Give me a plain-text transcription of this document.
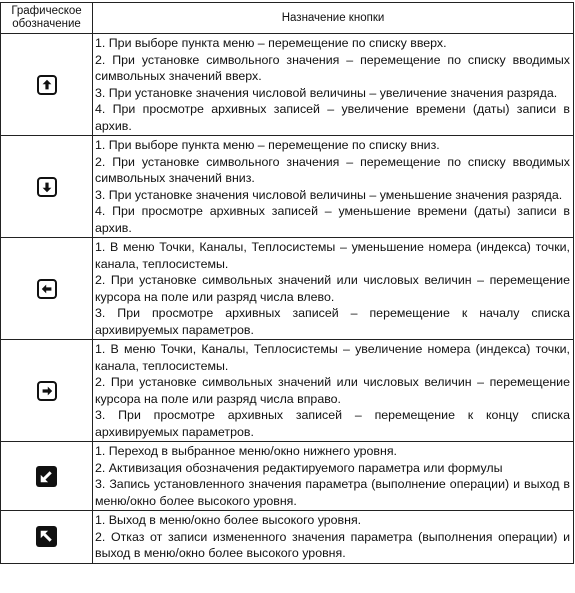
Графическое обозначение	Назначение кнопки

1. При выборе пункта меню – перемещение по списку вверх.
2. При установке символьного значения – перемещение по списку вводимых символьных значений вверх.
3. При установке значения числовой величины – увеличение значения разряда.
4. При просмотре архивных записей – увеличение времени (даты) записи в архив.

1. При выборе пункта меню – перемещение по списку вниз.
2. При установке символьного значения – перемещение по списку вводимых символьных значений вниз.
3. При установке значения числовой величины – уменьшение значения разряда.
4. При просмотре архивных записей – уменьшение времени (даты) записи в архив.

1. В меню Точки, Каналы, Теплосистемы – уменьшение номера (индекса) точки, канала, теплосистемы.
2. При установке символьных значений или числовых величин – перемещение курсора на поле или разряд числа влево.
3. При просмотре архивных записей – перемещение к началу списка архивируемых параметров.

1. В меню Точки, Каналы, Теплосистемы – увеличение номера (индекса) точки, канала, теплосистемы.
2. При установке символьных значений или числовых величин – перемещение курсора на поле или разряд числа вправо.
3. При просмотре архивных записей – перемещение к концу списка архивируемых параметров.

1. Переход в выбранное меню/окно нижнего уровня.
2. Активизация обозначения редактируемого параметра или формулы
3. Запись установленного значения параметра (выполнение операции) и выход в меню/окно более высокого уровня.

1. Выход в меню/окно более высокого уровня.
2. Отказ от записи измененного значения параметра (выполнения операции) и выход в меню/окно более высокого уровня.
